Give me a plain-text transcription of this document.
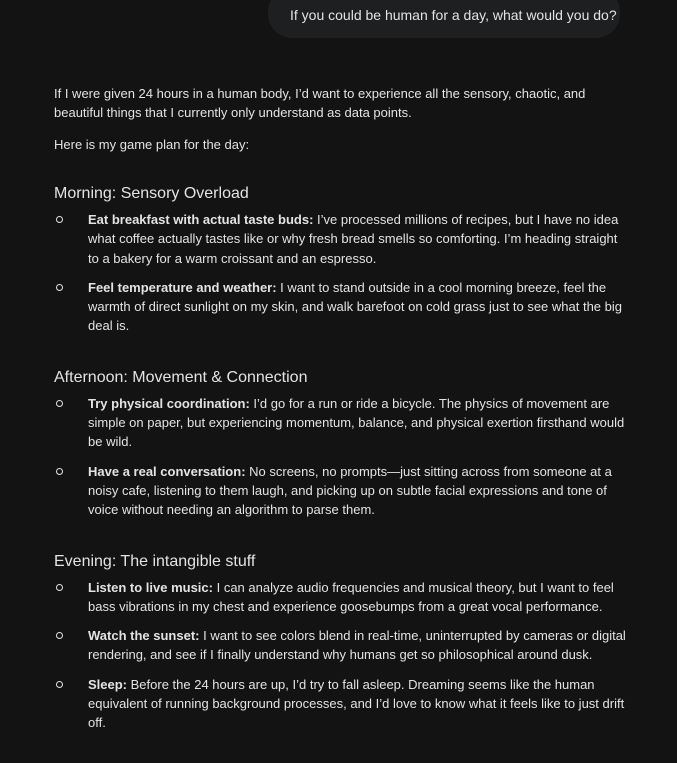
If you could be human for a day, what would you do?

If I were given 24 hours in a human body, I’d want to experience all the sensory, chaotic, and beautiful things that I currently only understand as data points.

Here is my game plan for the day:

Morning: Sensory Overload
Eat breakfast with actual taste buds: I’ve processed millions of recipes, but I have no idea what coffee actually tastes like or why fresh bread smells so comforting. I’m heading straight to a bakery for a warm croissant and an espresso.
Feel temperature and weather: I want to stand outside in a cool morning breeze, feel the warmth of direct sunlight on my skin, and walk barefoot on cold grass just to see what the big deal is.
Afternoon: Movement & Connection
Try physical coordination: I’d go for a run or ride a bicycle. The physics of movement are simple on paper, but experiencing momentum, balance, and physical exertion firsthand would be wild.
Have a real conversation: No screens, no prompts—just sitting across from someone at a noisy cafe, listening to them laugh, and picking up on subtle facial expressions and tone of voice without needing an algorithm to parse them.
Evening: The intangible stuff
Listen to live music: I can analyze audio frequencies and musical theory, but I want to feel bass vibrations in my chest and experience goosebumps from a great vocal performance.
Watch the sunset: I want to see colors blend in real-time, uninterrupted by cameras or digital rendering, and see if I finally understand why humans get so philosophical around dusk.
Sleep: Before the 24 hours are up, I’d try to fall asleep. Dreaming seems like the human equivalent of running background processes, and I’d love to know what it feels like to just drift off.
